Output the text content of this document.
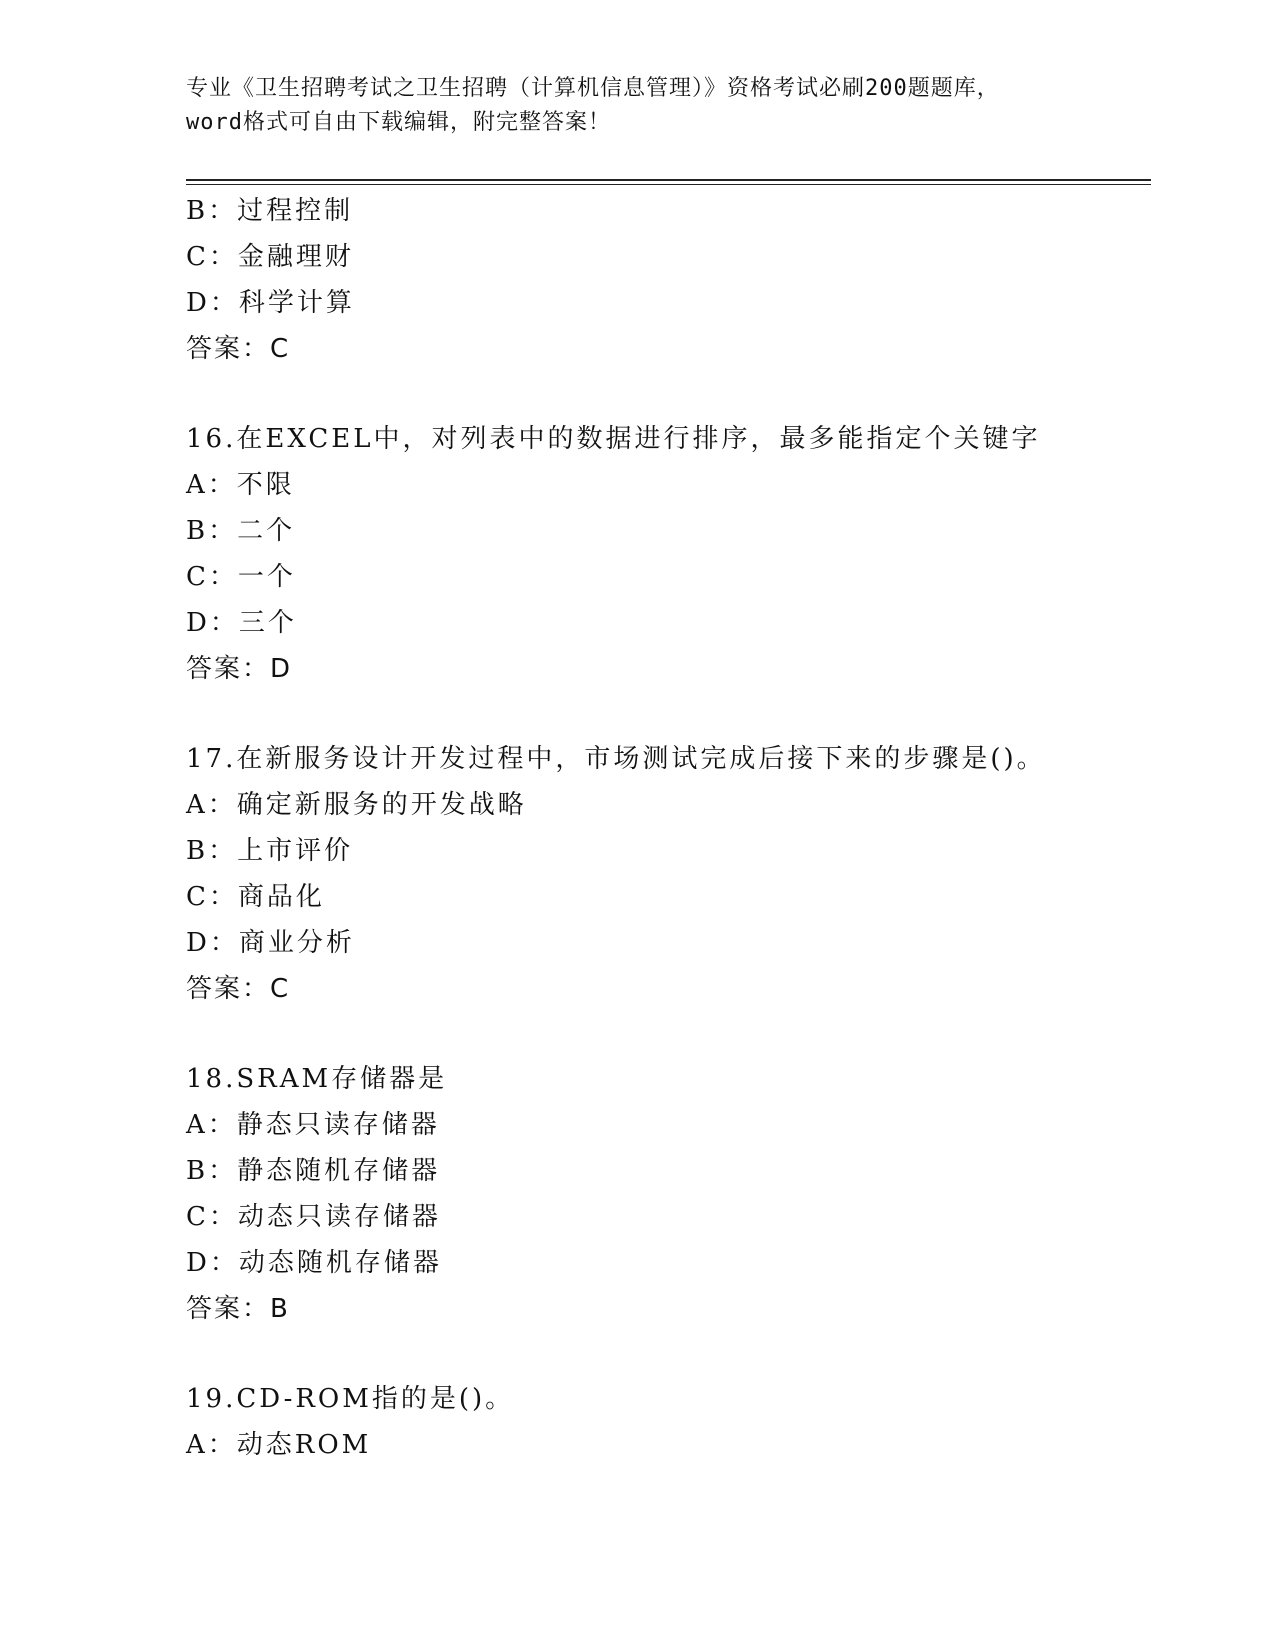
专业《卫生招聘考试之卫生招聘（计算机信息管理）》资格考试必刷200题题库，
word格式可自由下载编辑，附完整答案！
B：过程控制
C：金融理财
D：科学计算
答案：C
16.在EXCEL中，对列表中的数据进行排序，最多能指定个关键字
A：不限
B：二个
C：一个
D：三个
答案：D
17.在新服务设计开发过程中，市场测试完成后接下来的步骤是()。
A：确定新服务的开发战略
B：上市评价
C：商品化
D：商业分析
答案：C
18.SRAM存储器是
A：静态只读存储器
B：静态随机存储器
C：动态只读存储器
D：动态随机存储器
答案：B
19.CD-ROM指的是()。
A：动态ROM
